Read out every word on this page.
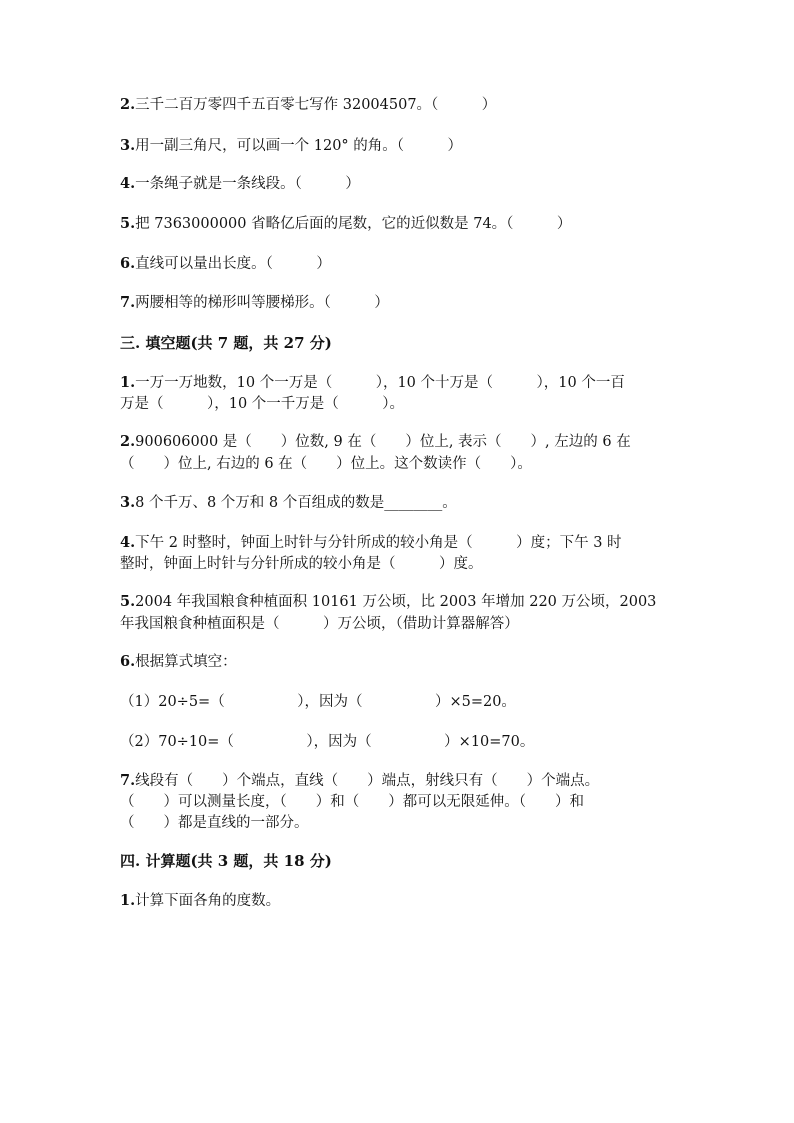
2.三千二百万零四千五百零七写作 32004507。（　　　）
3.用一副三角尺，可以画一个 120° 的角。（　　　）
4.一条绳子就是一条线段。（　　　）
5.把 7363000000 省略亿后面的尾数，它的近似数是 74。（　　　）
6.直线可以量出长度。（　　　）
7.两腰相等的梯形叫等腰梯形。（　　　）
三. 填空题(共 7 题，共 27 分)
1.一万一万地数，10 个一万是（　　　），10 个十万是（　　　），10 个一百
万是（　　　），10 个一千万是（　　　）。
2.900606000 是（　　）位数, 9 在（　　）位上, 表示（　　）, 左边的 6 在
（　　）位上, 右边的 6 在（　　）位上。这个数读作（　　）。
3.8 个千万、8 个万和 8 个百组成的数是________。
4.下午 2 时整时，钟面上时针与分针所成的较小角是（　　　）度；下午 3 时
整时，钟面上时针与分针所成的较小角是（　　　）度。
5.2004 年我国粮食种植面积 10161 万公顷，比 2003 年增加 220 万公顷，2003
年我国粮食种植面积是（　　　）万公顷，（借助计算器解答）
6.根据算式填空：
（1）20÷5=（　　　　　），因为（　　　　　）×5=20。
（2）70÷10=（　　　　　），因为（　　　　　）×10=70。
7.线段有（　　）个端点，直线（　　）端点，射线只有（　　）个端点。
（　　）可以测量长度，（　　）和（　　）都可以无限延伸。（　　）和
（　　）都是直线的一部分。
四. 计算题(共 3 题，共 18 分)
1.计算下面各角的度数。
